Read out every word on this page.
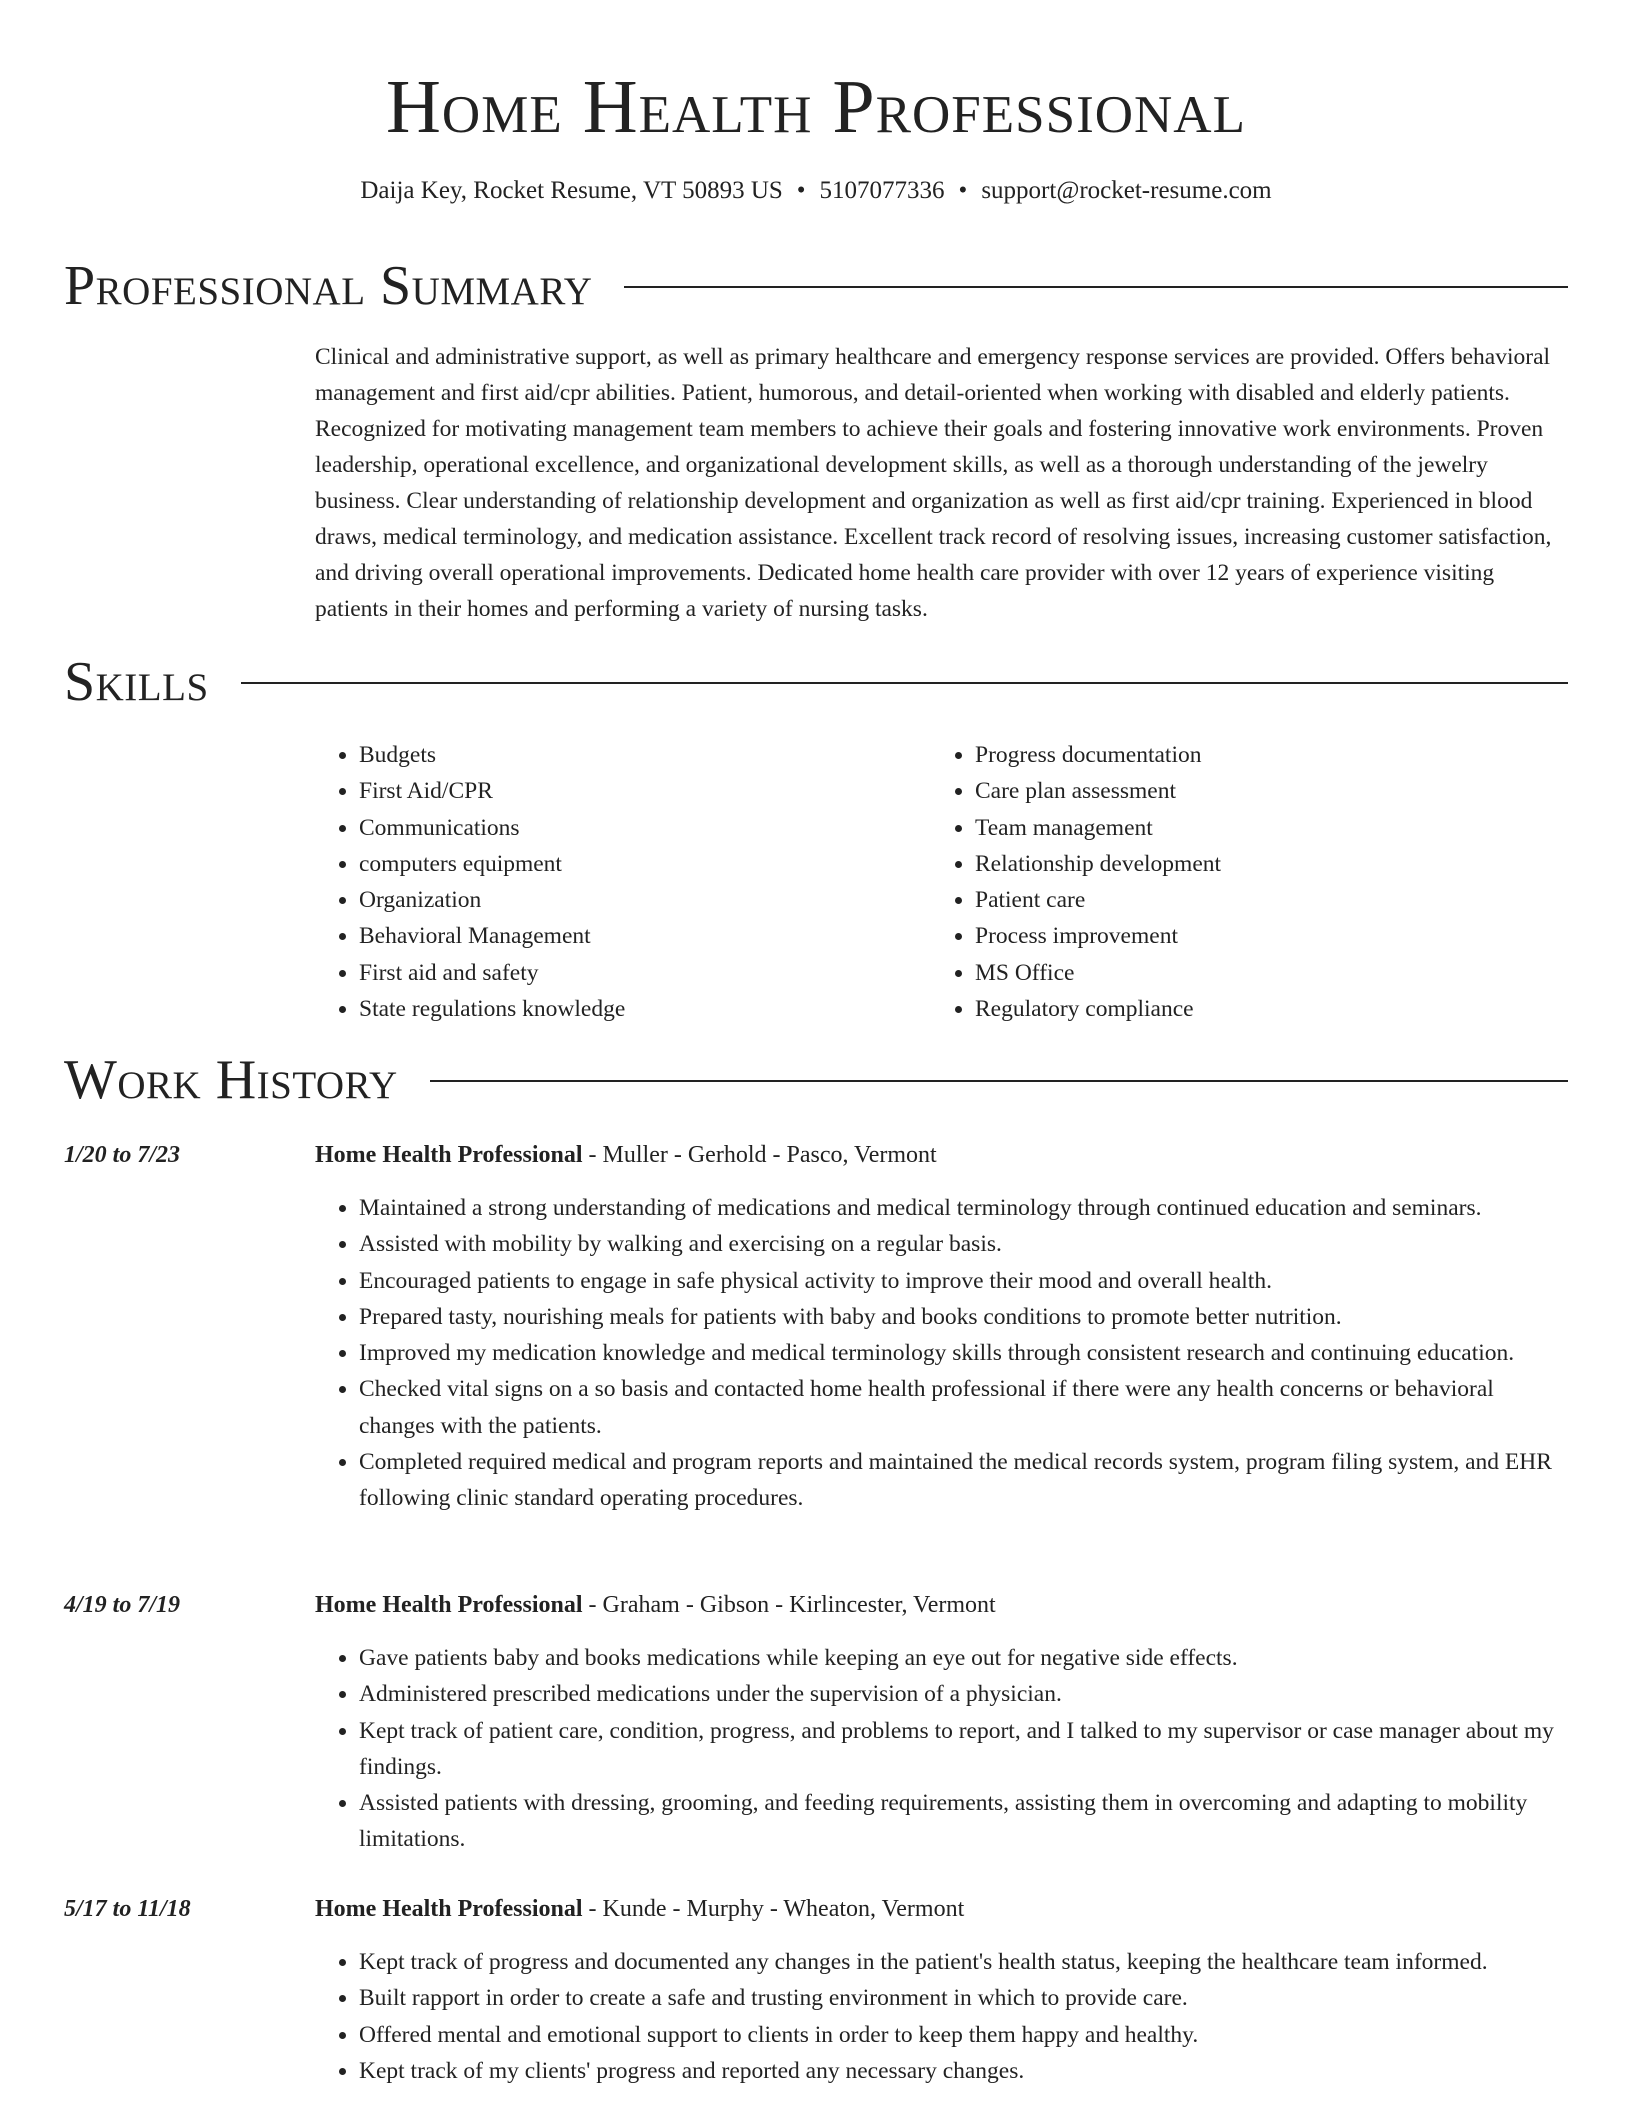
Home Health Professional
Daija Key, Rocket Resume, VT 50893 US • 5107077336 • support@rocket-resume.com
Professional Summary

Clinical and administrative support, as well as primary healthcare and emergency response services are provided. Offers behavioral management and first aid/cpr abilities. Patient, humorous, and detail-oriented when working with disabled and elderly patients. Recognized for motivating management team members to achieve their goals and fostering innovative work environments. Proven leadership, operational excellence, and organizational development skills, as well as a thorough understanding of the jewelry business. Clear understanding of relationship development and organization as well as first aid/cpr training. Experienced in blood draws, medical terminology, and medication assistance. Excellent track record of resolving issues, increasing customer satisfaction, and driving overall operational improvements. Dedicated home health care provider with over 12 years of experience visiting patients in their homes and performing a variety of nursing tasks.

Skills
• Budgets
• First Aid/CPR
• Communications
• computers equipment
• Organization
• Behavioral Management
• First aid and safety
• State regulations knowledge
• Progress documentation
• Care plan assessment
• Team management
• Relationship development
• Patient care
• Process improvement
• MS Office
• Regulatory compliance
Work History
1/20 to 7/23	Home Health Professional - Muller - Gerhold - Pasco, Vermont
• Maintained a strong understanding of medications and medical terminology through continued education and seminars.
• Assisted with mobility by walking and exercising on a regular basis.
• Encouraged patients to engage in safe physical activity to improve their mood and overall health.
• Prepared tasty, nourishing meals for patients with baby and books conditions to promote better nutrition.
• Improved my medication knowledge and medical terminology skills through consistent research and continuing education.
• Checked vital signs on a so basis and contacted home health professional if there were any health concerns or behavioral changes with the patients.
• Completed required medical and program reports and maintained the medical records system, program filing system, and EHR following clinic standard operating procedures.
4/19 to 7/19	Home Health Professional - Graham - Gibson - Kirlincester, Vermont
• Gave patients baby and books medications while keeping an eye out for negative side effects.
• Administered prescribed medications under the supervision of a physician.
• Kept track of patient care, condition, progress, and problems to report, and I talked to my supervisor or case manager about my findings.
• Assisted patients with dressing, grooming, and feeding requirements, assisting them in overcoming and adapting to mobility limitations.
5/17 to 11/18	Home Health Professional - Kunde - Murphy - Wheaton, Vermont
• Kept track of progress and documented any changes in the patient's health status, keeping the healthcare team informed.
• Built rapport in order to create a safe and trusting environment in which to provide care.
• Offered mental and emotional support to clients in order to keep them happy and healthy.
• Kept track of my clients' progress and reported any necessary changes.
